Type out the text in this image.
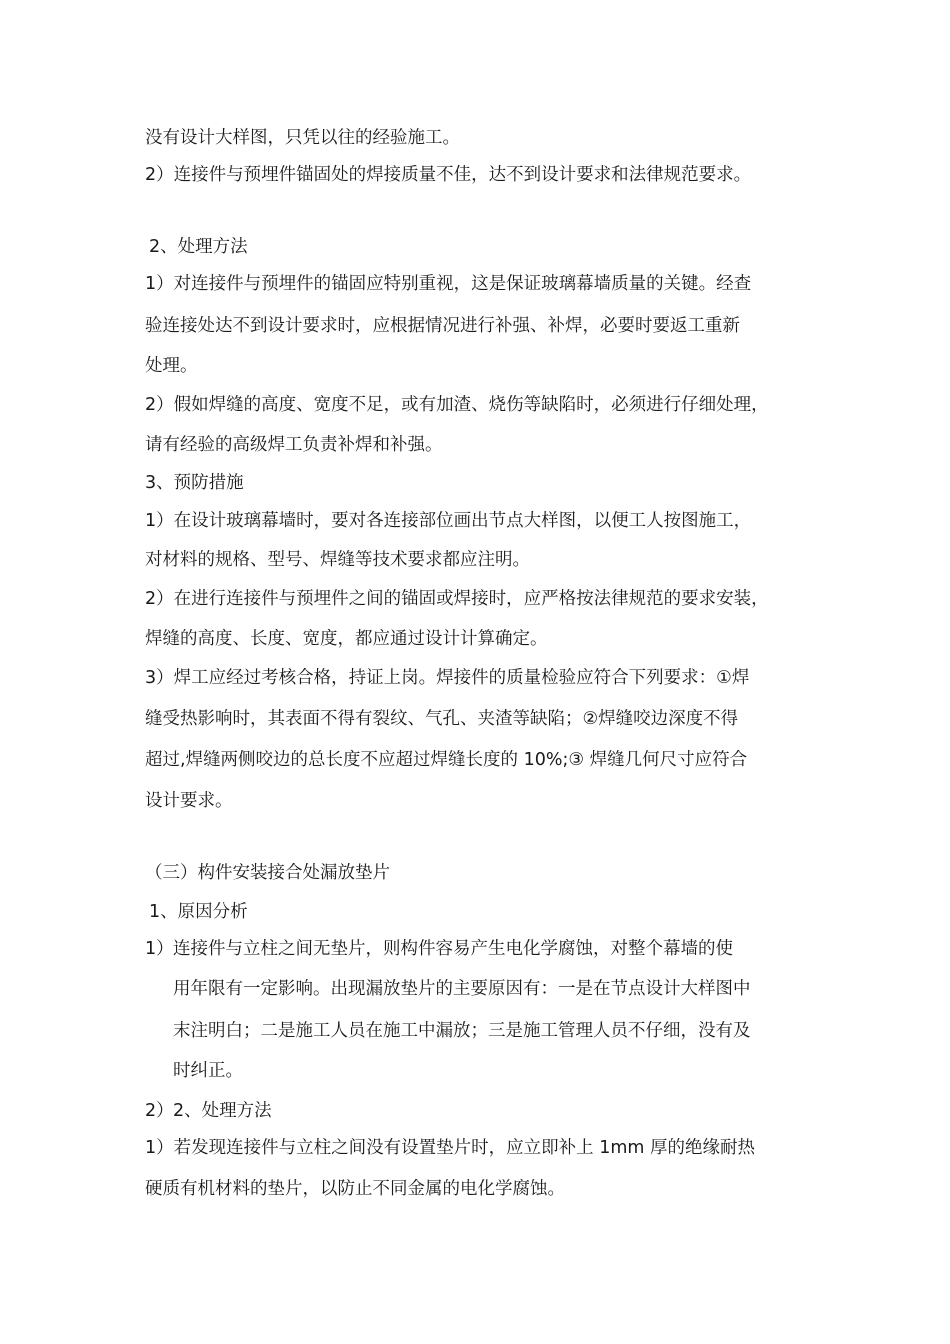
没有设计大样图，只凭以往的经验施工。
2）连接件与预埋件锚固处的焊接质量不佳，达不到设计要求和法律规范要求。
2、处理方法
1）对连接件与预埋件的锚固应特别重视，这是保证玻璃幕墙质量的关键。经查
验连接处达不到设计要求时，应根据情况进行补强、补焊，必要时要返工重新
处理。
2）假如焊缝的高度、宽度不足，或有加渣、烧伤等缺陷时，必须进行仔细处理，
请有经验的高级焊工负责补焊和补强。
3、预防措施
1）在设计玻璃幕墙时，要对各连接部位画出节点大样图，以便工人按图施工，
对材料的规格、型号、焊缝等技术要求都应注明。
2）在进行连接件与预埋件之间的锚固或焊接时，应严格按法律规范的要求安装，
焊缝的高度、长度、宽度，都应通过设计计算确定。
3）焊工应经过考核合格，持证上岗。焊接件的质量检验应符合下列要求：①焊
缝受热影响时，其表面不得有裂纹、气孔、夹渣等缺陷；②焊缝咬边深度不得
超过,焊缝两侧咬边的总长度不应超过焊缝长度的 10%;③ 焊缝几何尺寸应符合
设计要求。
（三）构件安装接合处漏放垫片
1、原因分析
1）连接件与立柱之间无垫片，则构件容易产生电化学腐蚀，对整个幕墙的使
用年限有一定影响。出现漏放垫片的主要原因有：一是在节点设计大样图中
末注明白；二是施工人员在施工中漏放；三是施工管理人员不仔细，没有及
时纠正。
2）2、处理方法
1）若发现连接件与立柱之间没有设置垫片时，应立即补上 1mm 厚的绝缘耐热
硬质有机材料的垫片，以防止不同金属的电化学腐蚀。
